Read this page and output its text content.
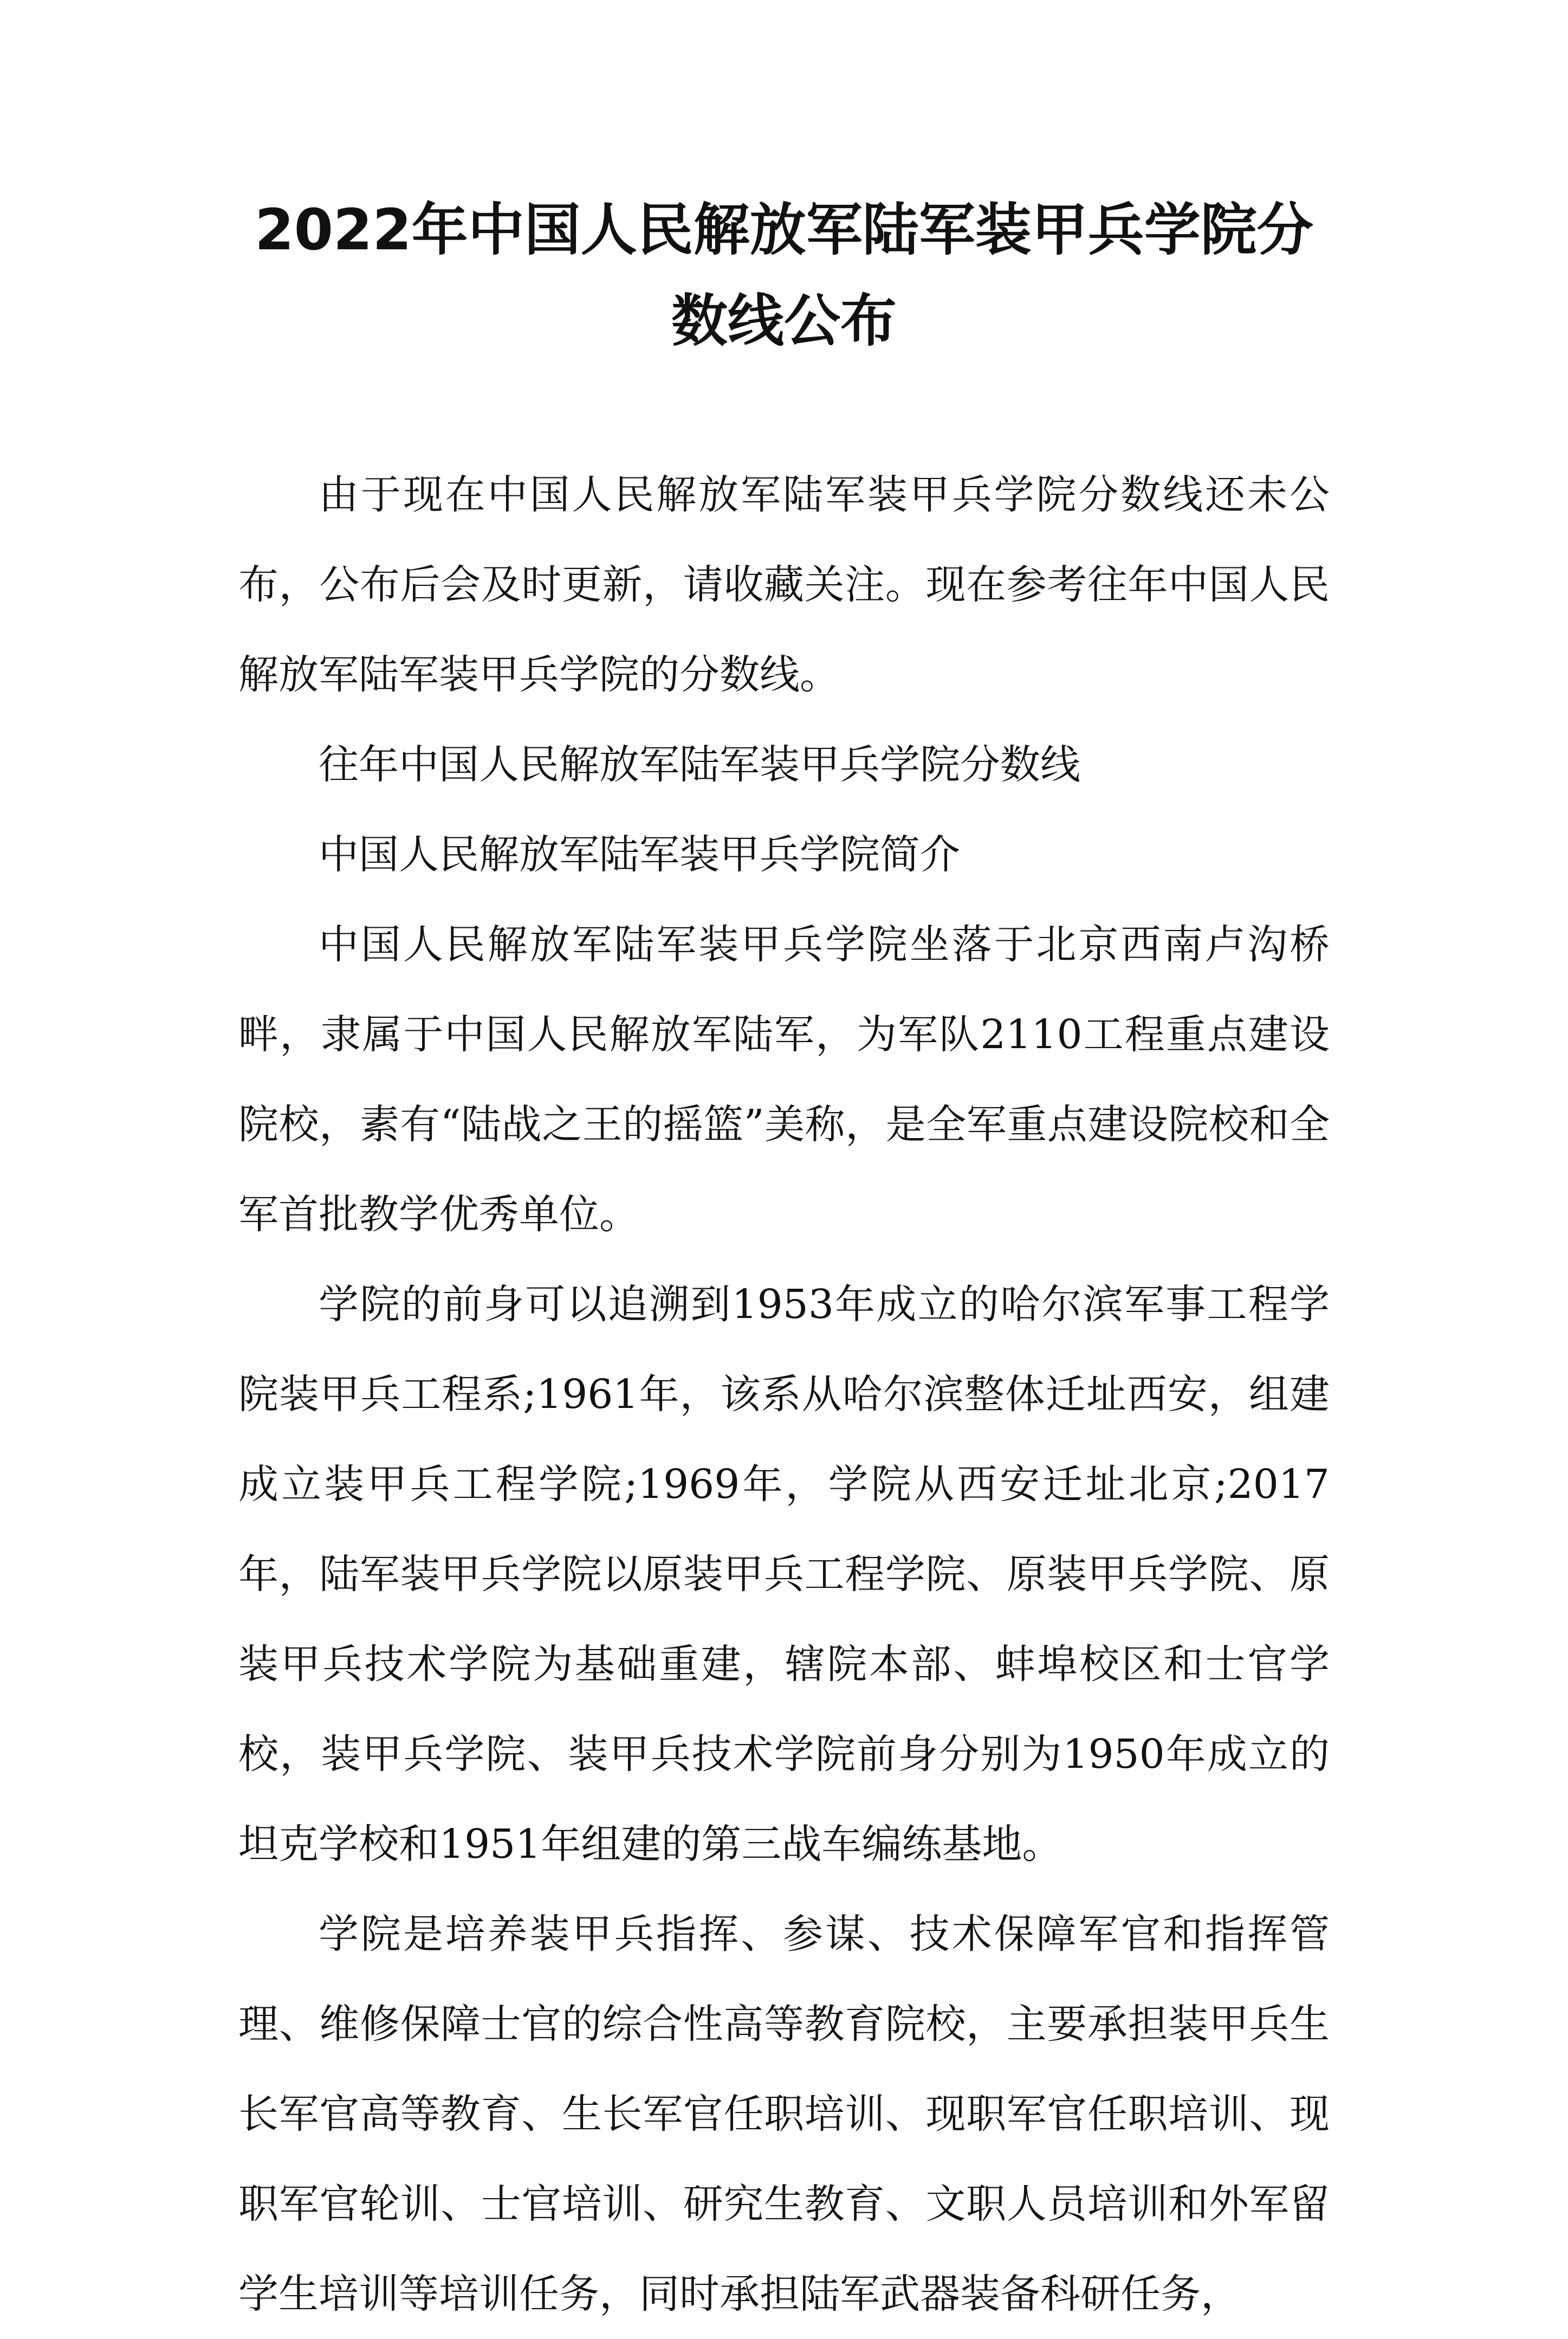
2022年中国人民解放军陆军装甲兵学院分数线公布

由于现在中国人民解放军陆军装甲兵学院分数线还未公布，公布后会及时更新，请收藏关注。现在参考往年中国人民解放军陆军装甲兵学院的分数线。

往年中国人民解放军陆军装甲兵学院分数线

中国人民解放军陆军装甲兵学院简介

中国人民解放军陆军装甲兵学院坐落于北京西南卢沟桥畔，隶属于中国人民解放军陆军，为军队2110工程重点建设院校，素有“陆战之王的摇篮”美称，是全军重点建设院校和全军首批教学优秀单位。

学院的前身可以追溯到1953年成立的哈尔滨军事工程学院装甲兵工程系;1961年，该系从哈尔滨整体迁址西安，组建成立装甲兵工程学院;1969年，学院从西安迁址北京;2017年，陆军装甲兵学院以原装甲兵工程学院、原装甲兵学院、原装甲兵技术学院为基础重建，辖院本部、蚌埠校区和士官学校，装甲兵学院、装甲兵技术学院前身分别为1950年成立的坦克学校和1951年组建的第三战车编练基地。

学院是培养装甲兵指挥、参谋、技术保障军官和指挥管理、维修保障士官的综合性高等教育院校，主要承担装甲兵生长军官高等教育、生长军官任职培训、现职军官任职培训、现职军官轮训、士官培训、研究生教育、文职人员培训和外军留学生培训等培训任务，同时承担陆军武器装备科研任务，
